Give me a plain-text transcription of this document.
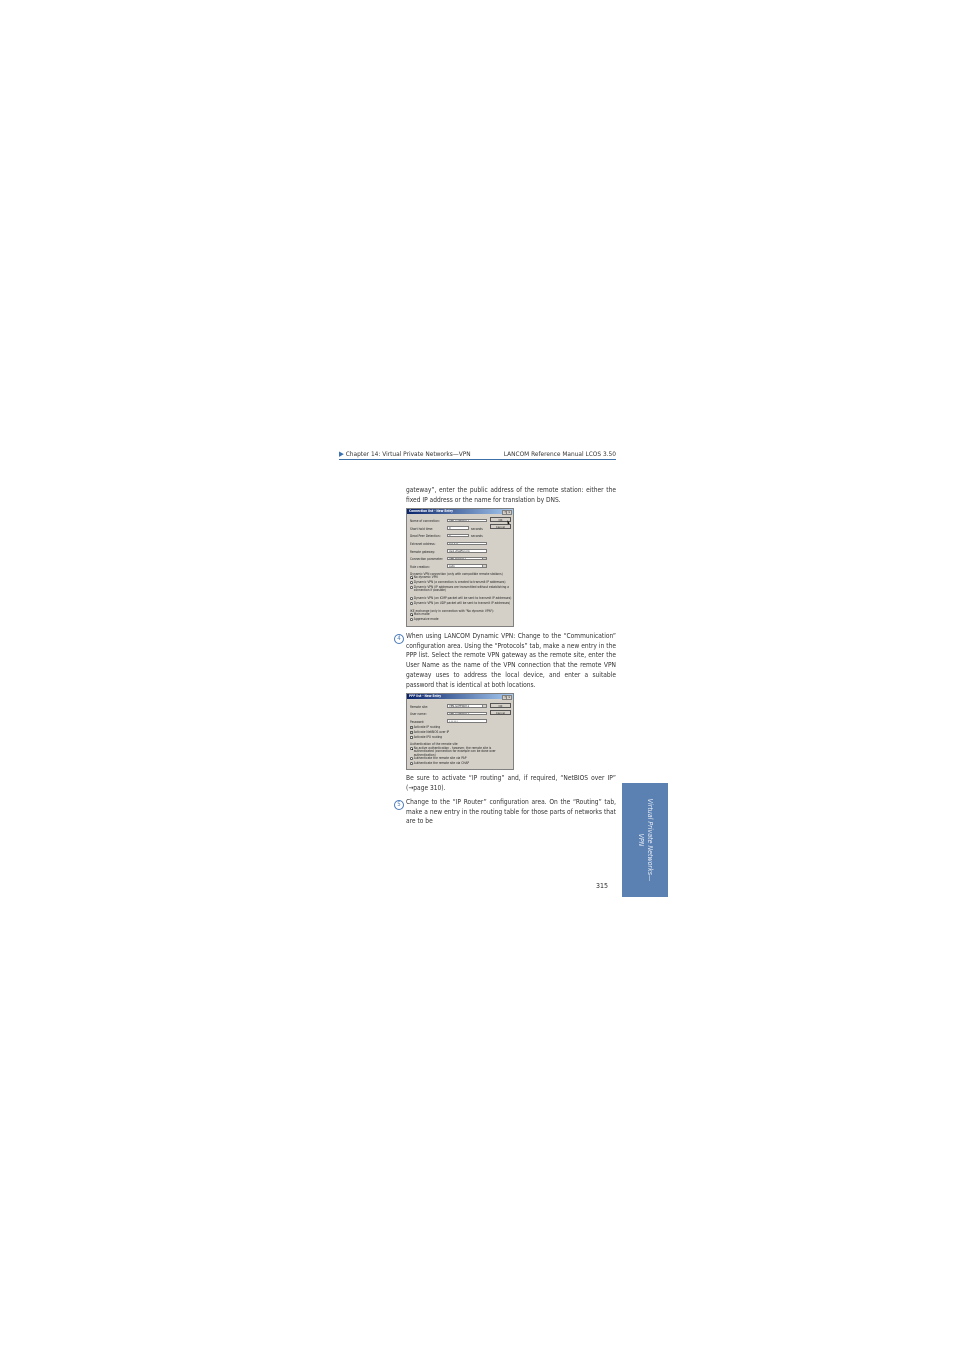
▶ Chapter 14: Virtual Private Networks—VPN	LANCOM Reference Manual LCOS 3.50
gateway”, enter the public address of the remote station: either the fixed IP address or the name for translation by DNS.
Connection list - New Entry	? ×
Name of connection:	VPN-GATEWAY-1
Short hold time:	0	seconds
Dead Peer Detection:	0	seconds
Extranet address:	0.0.0.0
Remote gateway:	gw1.vfeeffer.org
Connection parameter:	VPN-PARAM-1
Rule creation:	Auto
OK
Cancel
Dynamic VPN connection (only with compatible remote stations)
No dynamic VPN
Dynamic VPN (a connection is created to transmit IP addresses)
Dynamic VPN (IP addresses are transmitted without establishing a connection if possible)
Dynamic VPN (an ICMP packet will be sent to transmit IP addresses)
Dynamic VPN (an UDP packet will be sent to transmit IP addresses)
IKE exchange (only in connection with "No dynamic VPN"):
Main mode
Aggressive mode
4 When using LANCOM Dynamic VPN: Change to the “Communication” configuration area. Using the “Protocols” tab, make a new entry in the PPP list. Select the remote VPN gateway as the remote site, enter the User Name as the name of the VPN connection that the remote VPN gateway uses to address the local device, and enter a suitable password that is identical at both locations.
PPP list - New Entry	? ×
Remote site:	VPN-GATEWAY-1
User name:	VPN-GATEWAY-1
Password:	••••••
OK
Cancel
✓ Activate IP routing
✓ Activate NetBIOS over IP
Activate IPX routing
Authentication of the remote site
No active authentication - however, the remote site is authenticated (connection for example can be done over authentication)
Authenticate the remote site via PAP
Authenticate the remote site via CHAP
Be sure to activate “IP routing” and, if required, “NetBIOS over IP” (→page 310).
5 Change to the “IP Router” configuration area. On the “Routing” tab, make a new entry in the routing table for those parts of networks that are to be	Virtual Private Networks—
VPN
315
